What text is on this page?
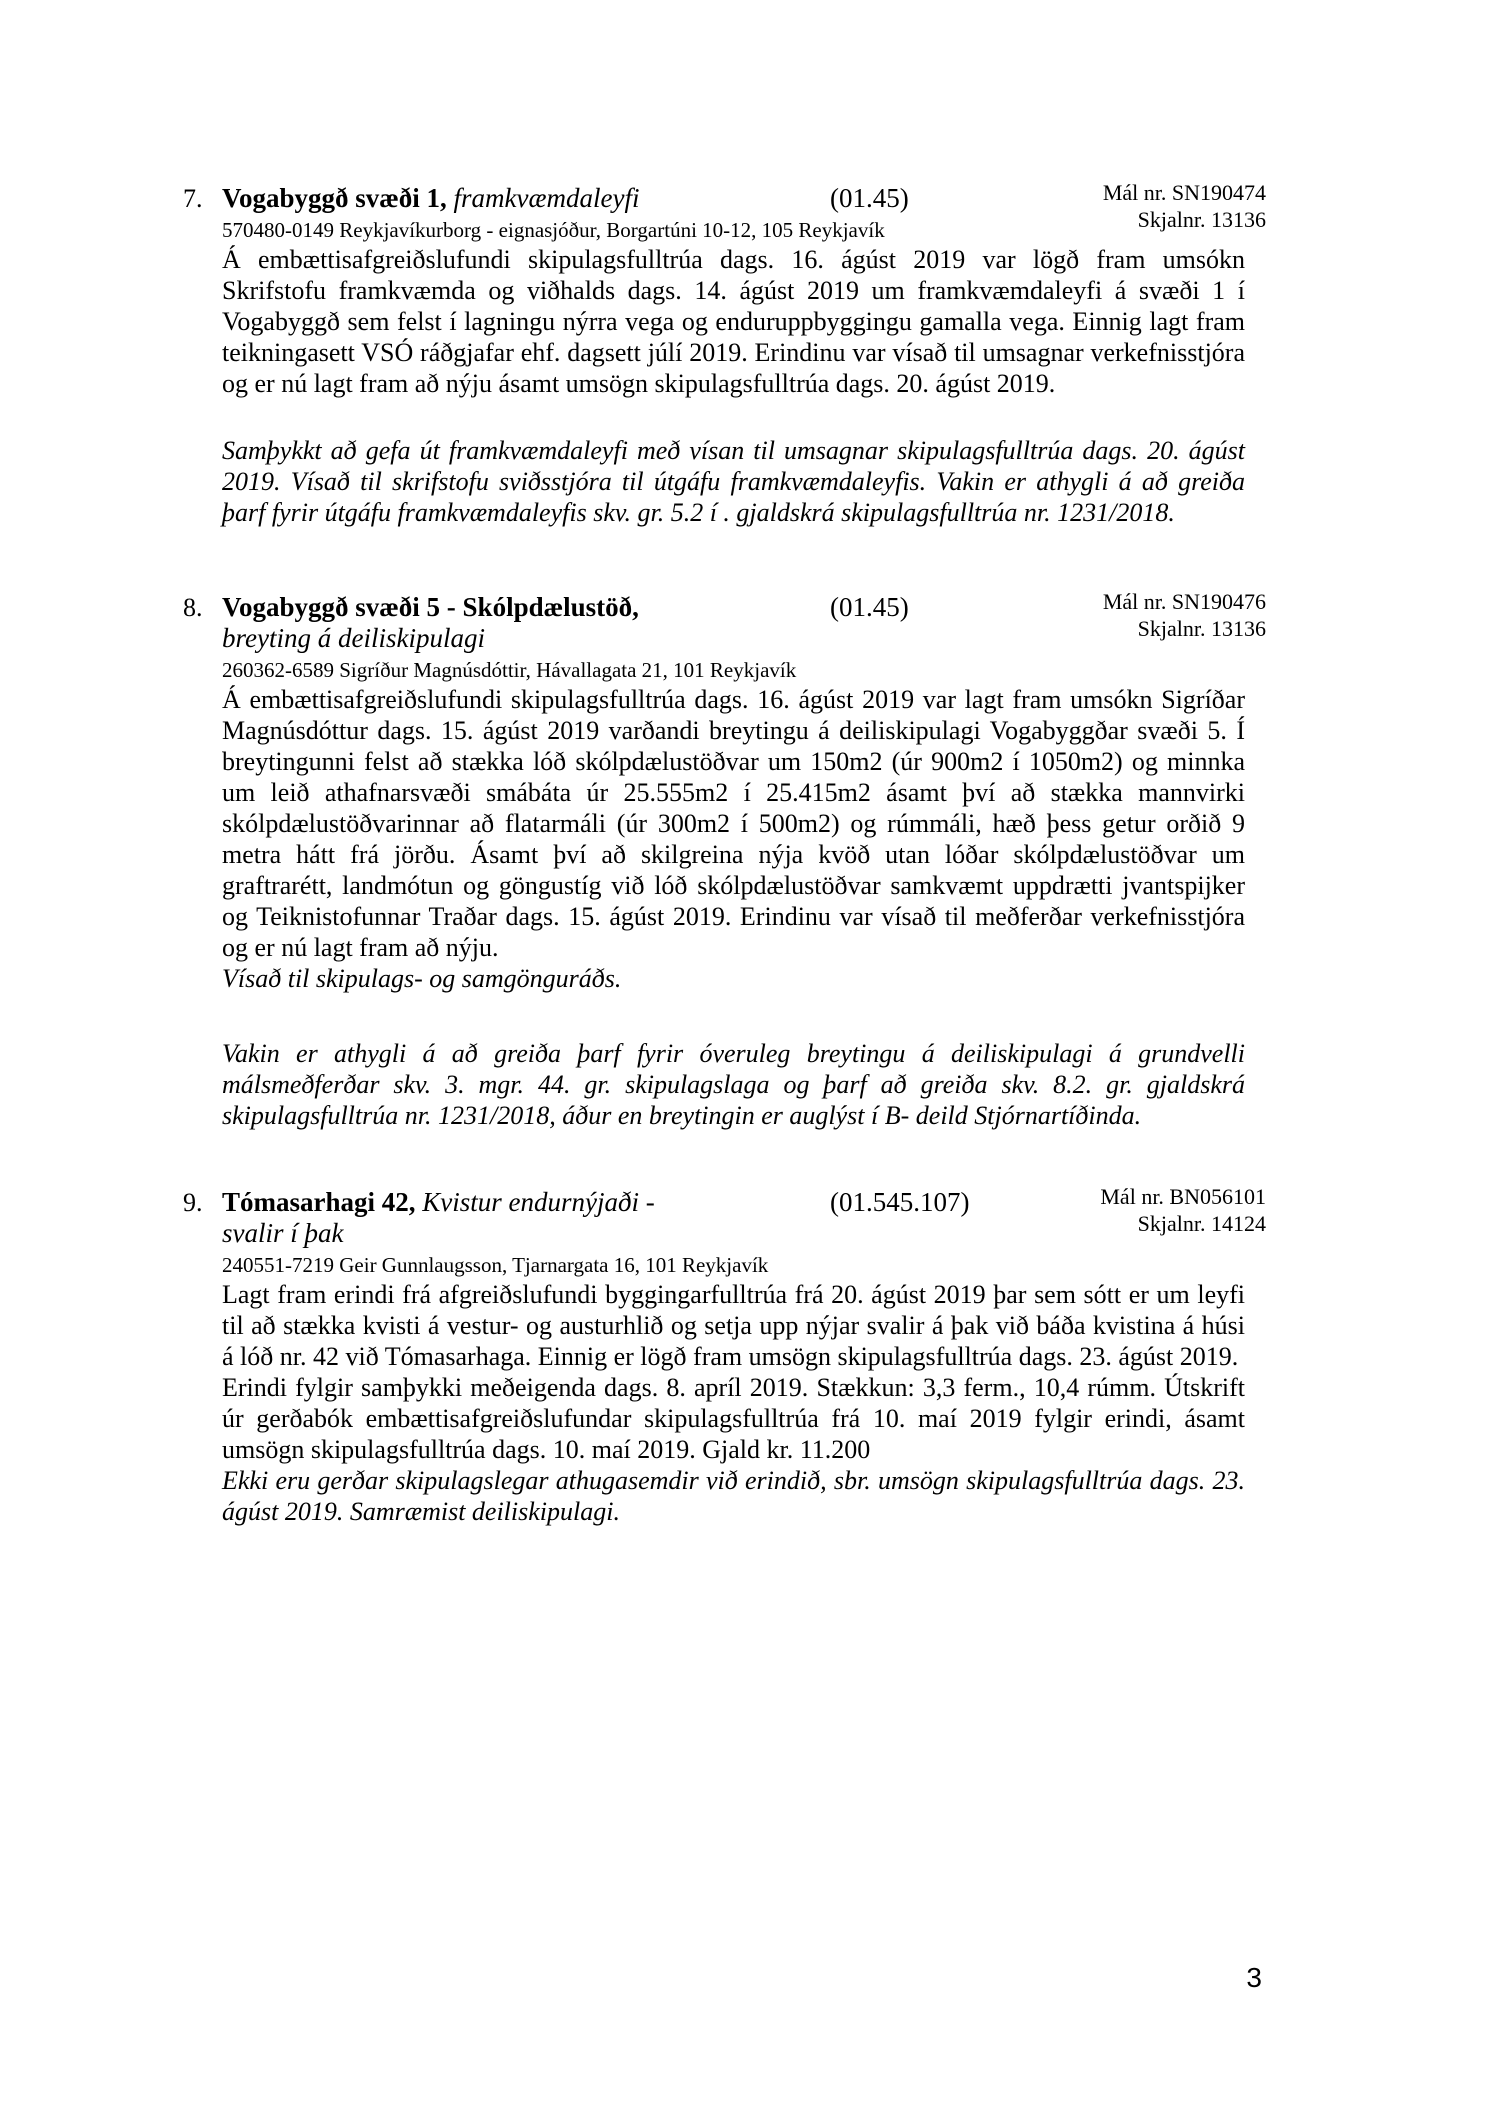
7. Vogabyggð svæði 1, framkvæmdaleyfi	(01.45)	Mál nr. SN190474
Skjalnr. 13136
570480-0149 Reykjavíkurborg - eignasjóður, Borgartúni 10-12, 105 Reykjavík
Á embættisafgreiðslufundi skipulagsfulltrúa dags. 16. ágúst 2019 var lögð fram umsókn Skrifstofu framkvæmda og viðhalds dags. 14. ágúst 2019 um framkvæmdaleyfi á svæði 1 í Vogabyggð sem felst í lagningu nýrra vega og enduruppbyggingu gamalla vega. Einnig lagt fram teikningasett VSÓ ráðgjafar ehf. dagsett júlí 2019. Erindinu var vísað til umsagnar verkefnisstjóra og er nú lagt fram að nýju ásamt umsögn skipulagsfulltrúa dags. 20. ágúst 2019.
Samþykkt að gefa út framkvæmdaleyfi með vísan til umsagnar skipulagsfulltrúa dags. 20. ágúst 2019. Vísað til skrifstofu sviðsstjóra til útgáfu framkvæmdaleyfis. Vakin er athygli á að greiða þarf fyrir útgáfu framkvæmdaleyfis skv. gr. 5.2 í . gjaldskrá skipulagsfulltrúa nr. 1231/2018.
8. Vogabyggð svæði 5 - Skólpdælustöð,
breyting á deiliskipulagi
(01.45)	Mál nr. SN190476
Skjalnr. 13136
260362-6589 Sigríður Magnúsdóttir, Hávallagata 21, 101 Reykjavík
Á embættisafgreiðslufundi skipulagsfulltrúa dags. 16. ágúst 2019 var lagt fram umsókn Sigríðar Magnúsdóttur dags. 15. ágúst 2019 varðandi breytingu á deiliskipulagi Vogabyggðar svæði 5. Í breytingunni felst að stækka lóð skólpdælustöðvar um 150m2 (úr 900m2 í 1050m2) og minnka um leið athafnarsvæði smábáta úr 25.555m2 í 25.415m2 ásamt því að stækka mannvirki skólpdælustöðvarinnar að flatarmáli (úr 300m2 í 500m2) og rúmmáli, hæð þess getur orðið 9 metra hátt frá jörðu. Ásamt því að skilgreina nýja kvöð utan lóðar skólpdælustöðvar um graftrarétt, landmótun og göngustíg við lóð skólpdælustöðvar samkvæmt uppdrætti jvantspijker og Teiknistofunnar Traðar dags. 15. ágúst 2019. Erindinu var vísað til meðferðar verkefnisstjóra og er nú lagt fram að nýju.
Vísað til skipulags- og samgönguráðs.
Vakin er athygli á að greiða þarf fyrir óveruleg breytingu á deiliskipulagi á grundvelli málsmeðferðar skv. 3. mgr. 44. gr. skipulagslaga og þarf að greiða skv. 8.2. gr. gjaldskrá skipulagsfulltrúa nr. 1231/2018, áður en breytingin er auglýst í B- deild Stjórnartíðinda.
9. Tómasarhagi 42, Kvistur endurnýjaði -
svalir í þak
(01.545.107)	Mál nr. BN056101
Skjalnr. 14124
240551-7219 Geir Gunnlaugsson, Tjarnargata 16, 101 Reykjavík
Lagt fram erindi frá afgreiðslufundi byggingarfulltrúa frá 20. ágúst 2019 þar sem sótt er um leyfi til að stækka kvisti á vestur- og austurhlið og setja upp nýjar svalir á þak við báða kvistina á húsi á lóð nr. 42 við Tómasarhaga. Einnig er lögð fram umsögn skipulagsfulltrúa dags. 23. ágúst 2019.
Erindi fylgir samþykki meðeigenda dags. 8. apríl 2019. Stækkun: 3,3 ferm., 10,4 rúmm. Útskrift úr gerðabók embættisafgreiðslufundar skipulagsfulltrúa frá 10. maí 2019 fylgir erindi, ásamt umsögn skipulagsfulltrúa dags. 10. maí 2019. Gjald kr. 11.200
Ekki eru gerðar skipulagslegar athugasemdir við erindið, sbr. umsögn skipulagsfulltrúa dags. 23. ágúst 2019. Samræmist deiliskipulagi.
3
